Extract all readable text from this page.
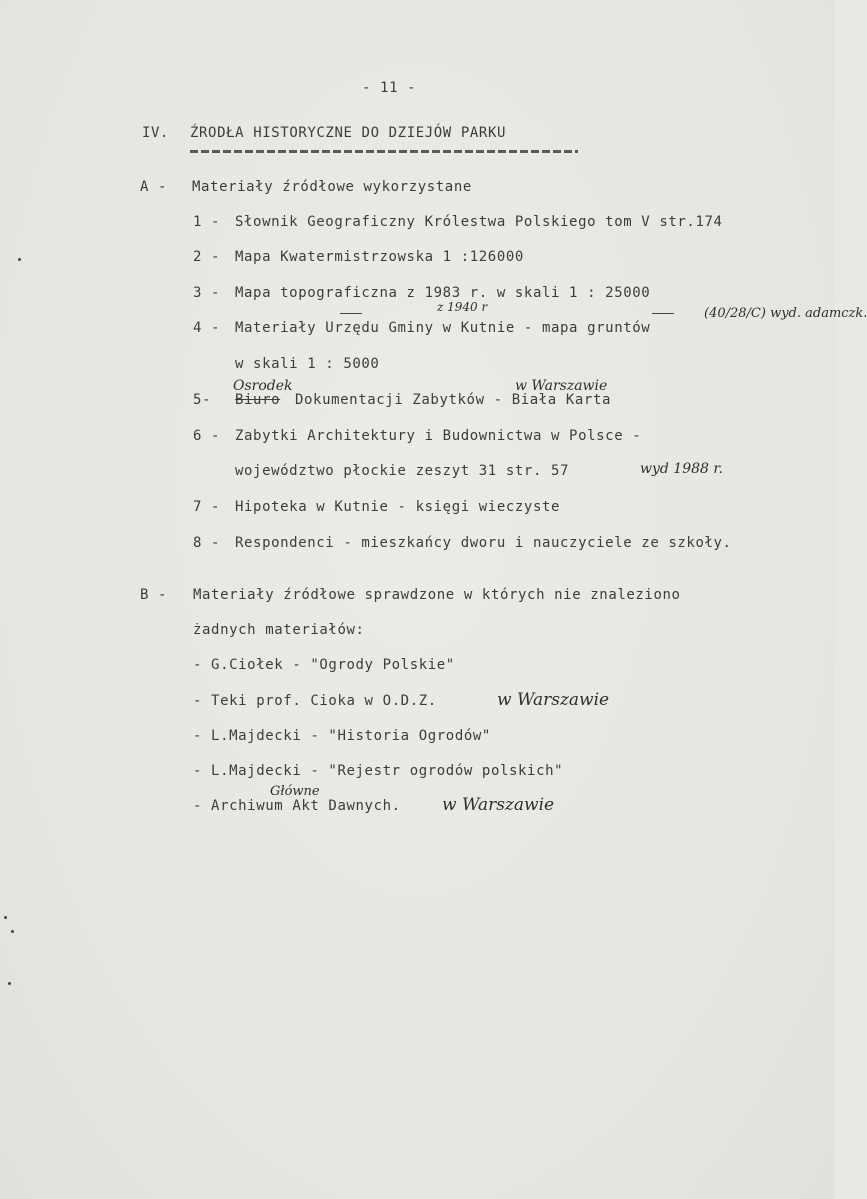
- 11 -
IV. ŹRODŁA HISTORYCZNE DO DZIEJÓW PARKU
A - Materiały źródłowe wykorzystane
1 - Słownik Geograficzny Królestwa Polskiego tom V str.174
2 - Mapa Kwatermistrzowska 1 :126000
3 - Mapa topograficzna z 1983 r. w skali 1 : 25000
z 1940 r
4 - Materiały Urzędu Gminy w Kutnie - mapa gruntów
(40/28/C) wyd. adamczk.
w skali 1 : 5000
5-
Osrodek	w Warszawie
Biuro Dokumentacji Zabytków - Biała Karta
6 - Zabytki Architektury i Budownictwa w Polsce -
województwo płockie zeszyt 31 str. 57	wyd 1988 r.
7 - Hipoteka w Kutnie - księgi wieczyste
8 - Respondenci - mieszkańcy dworu i nauczyciele ze szkoły.
B - Materiały źródłowe sprawdzone w których nie znaleziono
żadnych materiałów:
- G.Ciołek - "Ogrody Polskie"
- Teki prof. Cioka w O.D.Z.	w Warszawie
- L.Majdecki - "Historia Ogrodów"
- L.Majdecki - "Rejestr ogrodów polskich"
Główne
- Archiwum Akt Dawnych. w Warszawie
